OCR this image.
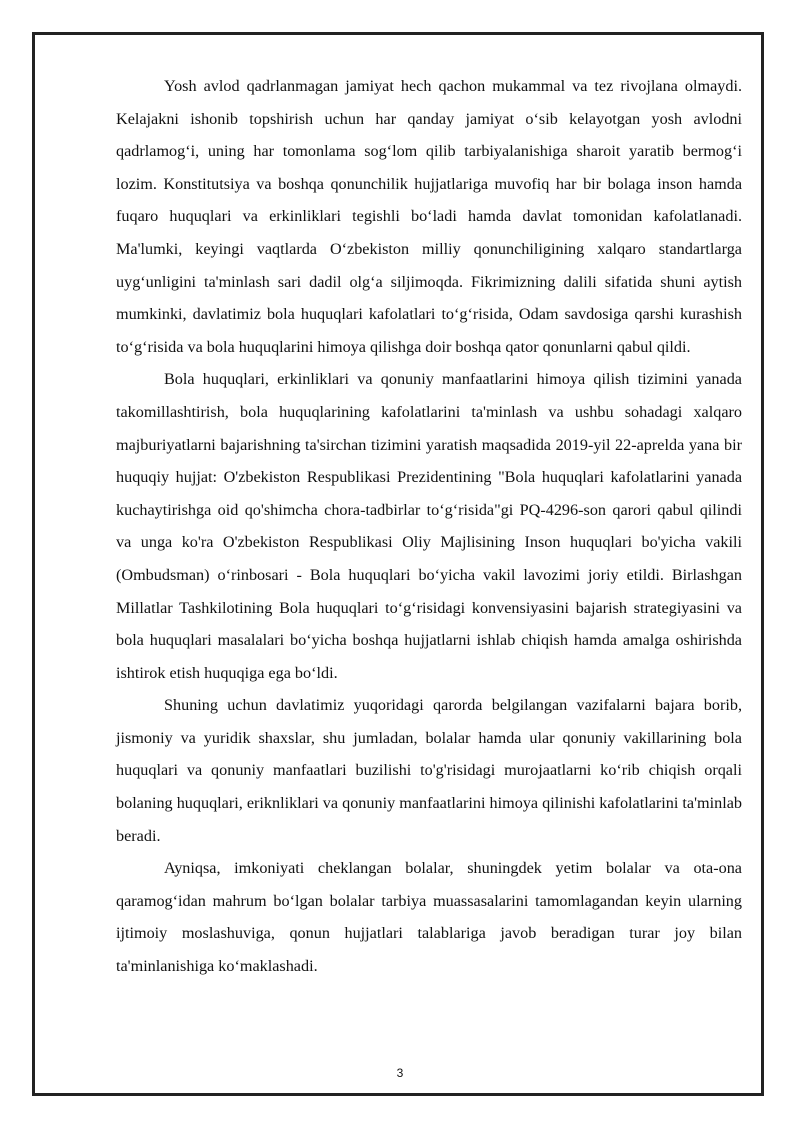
Yosh avlod qadrlanmagan jamiyat hech qachon mukammal va tez rivojlana olmaydi. Kelajakni ishonib topshirish uchun har qanday jamiyat o‘sib kelayotgan yosh avlodni qadrlamog‘i, uning har tomonlama sog‘lom qilib tarbiyalanishiga sharoit yaratib bermog‘i lozim. Konstitutsiya va boshqa qonunchilik hujjatlariga muvofiq har bir bolaga inson hamda fuqaro huquqlari va erkinliklari tegishli bo‘ladi hamda davlat tomonidan kafolatlanadi. Ma'lumki, keyingi vaqtlarda O‘zbekiston milliy qonunchiligining xalqaro standartlarga uyg‘unligini ta'minlash sari dadil olg‘a siljimoqda. Fikrimizning dalili sifatida shuni aytish mumkinki, davlatimiz bola huquqlari kafolatlari to‘g‘risida, Odam savdosiga qarshi kurashish to‘g‘risida va bola huquqlarini himoya qilishga doir boshqa qator qonunlarni qabul qildi.

Bola huquqlari, erkinliklari va qonuniy manfaatlarini himoya qilish tizimini yanada takomillashtirish, bola huquqlarining kafolatlarini ta'minlash va ushbu sohadagi xalqaro majburiyatlarni bajarishning ta'sirchan tizimini yaratish maqsadida 2019-yil 22-aprelda yana bir huquqiy hujjat: O'zbekiston Respublikasi Prezidentining "Bola huquqlari kafolatlarini yanada kuchaytirishga oid qo'shimcha chora-tadbirlar to‘g‘risida"gi PQ-4296-son qarori qabul qilindi va unga ko'ra O'zbekiston Respublikasi Oliy Majlisining Inson huquqlari bo'yicha vakili (Ombudsman) o‘rinbosari - Bola huquqlari bo‘yicha vakil lavozimi joriy etildi. Birlashgan Millatlar Tashkilotining Bola huquqlari to‘g‘risidagi konvensiyasini bajarish strategiyasini va bola huquqlari masalalari bo‘yicha boshqa hujjatlarni ishlab chiqish hamda amalga oshirishda ishtirok etish huquqiga ega bo‘ldi.

Shuning uchun davlatimiz yuqoridagi qarorda belgilangan vazifalarni bajara borib, jismoniy va yuridik shaxslar, shu jumladan, bolalar hamda ular qonuniy vakillarining bola huquqlari va qonuniy manfaatlari buzilishi to'g'risidagi murojaatlarni ko‘rib chiqish orqali bolaning huquqlari, eriknliklari va qonuniy manfaatlarini himoya qilinishi kafolatlarini ta'minlab beradi.

Ayniqsa, imkoniyati cheklangan bolalar, shuningdek yetim bolalar va ota-ona qaramog‘idan mahrum bo‘lgan bolalar tarbiya muassasalarini tamomlagandan keyin ularning ijtimoiy moslashuviga, qonun hujjatlari talablariga javob beradigan turar joy bilan ta'minlanishiga ko‘maklashadi.

3
